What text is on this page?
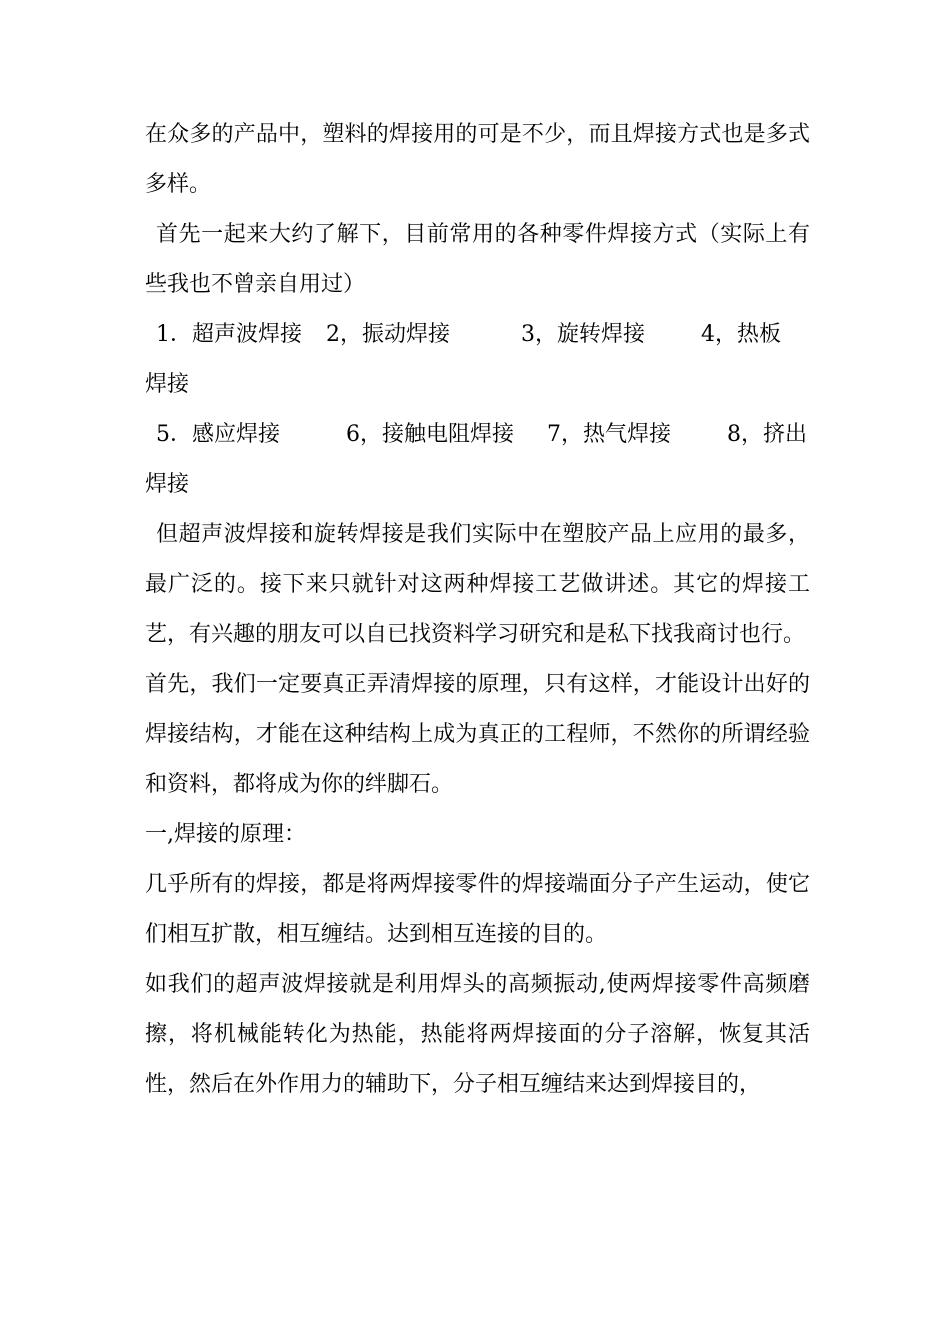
在众多的产品中，塑料的焊接用的可是不少，而且焊接方式也是多式多样。

首先一起来大约了解下，目前常用的各种零件焊接方式（实际上有些我也不曾亲自用过）

1．超声波焊接	2，振动焊接	3，旋转焊接	4，热板
焊接
5．感应焊接	6，接触电阻焊接	7，热气焊接	8，挤出
焊接

但超声波焊接和旋转焊接是我们实际中在塑胶产品上应用的最多，最广泛的。接下来只就针对这两种焊接工艺做讲述。其它的焊接工艺，有兴趣的朋友可以自已找资料学习研究和是私下找我商讨也行。

首先，我们一定要真正弄清焊接的原理，只有这样，才能设计出好的焊接结构，才能在这种结构上成为真正的工程师，不然你的所谓经验和资料，都将成为你的绊脚石。

一,焊接的原理：

几乎所有的焊接，都是将两焊接零件的焊接端面分子产生运动，使它们相互扩散，相互缠结。达到相互连接的目的。

如我们的超声波焊接就是利用焊头的高频振动,使两焊接零件高频磨擦，将机械能转化为热能，热能将两焊接面的分子溶解，恢复其活性，然后在外作用力的辅助下，分子相互缠结来达到焊接目的，
